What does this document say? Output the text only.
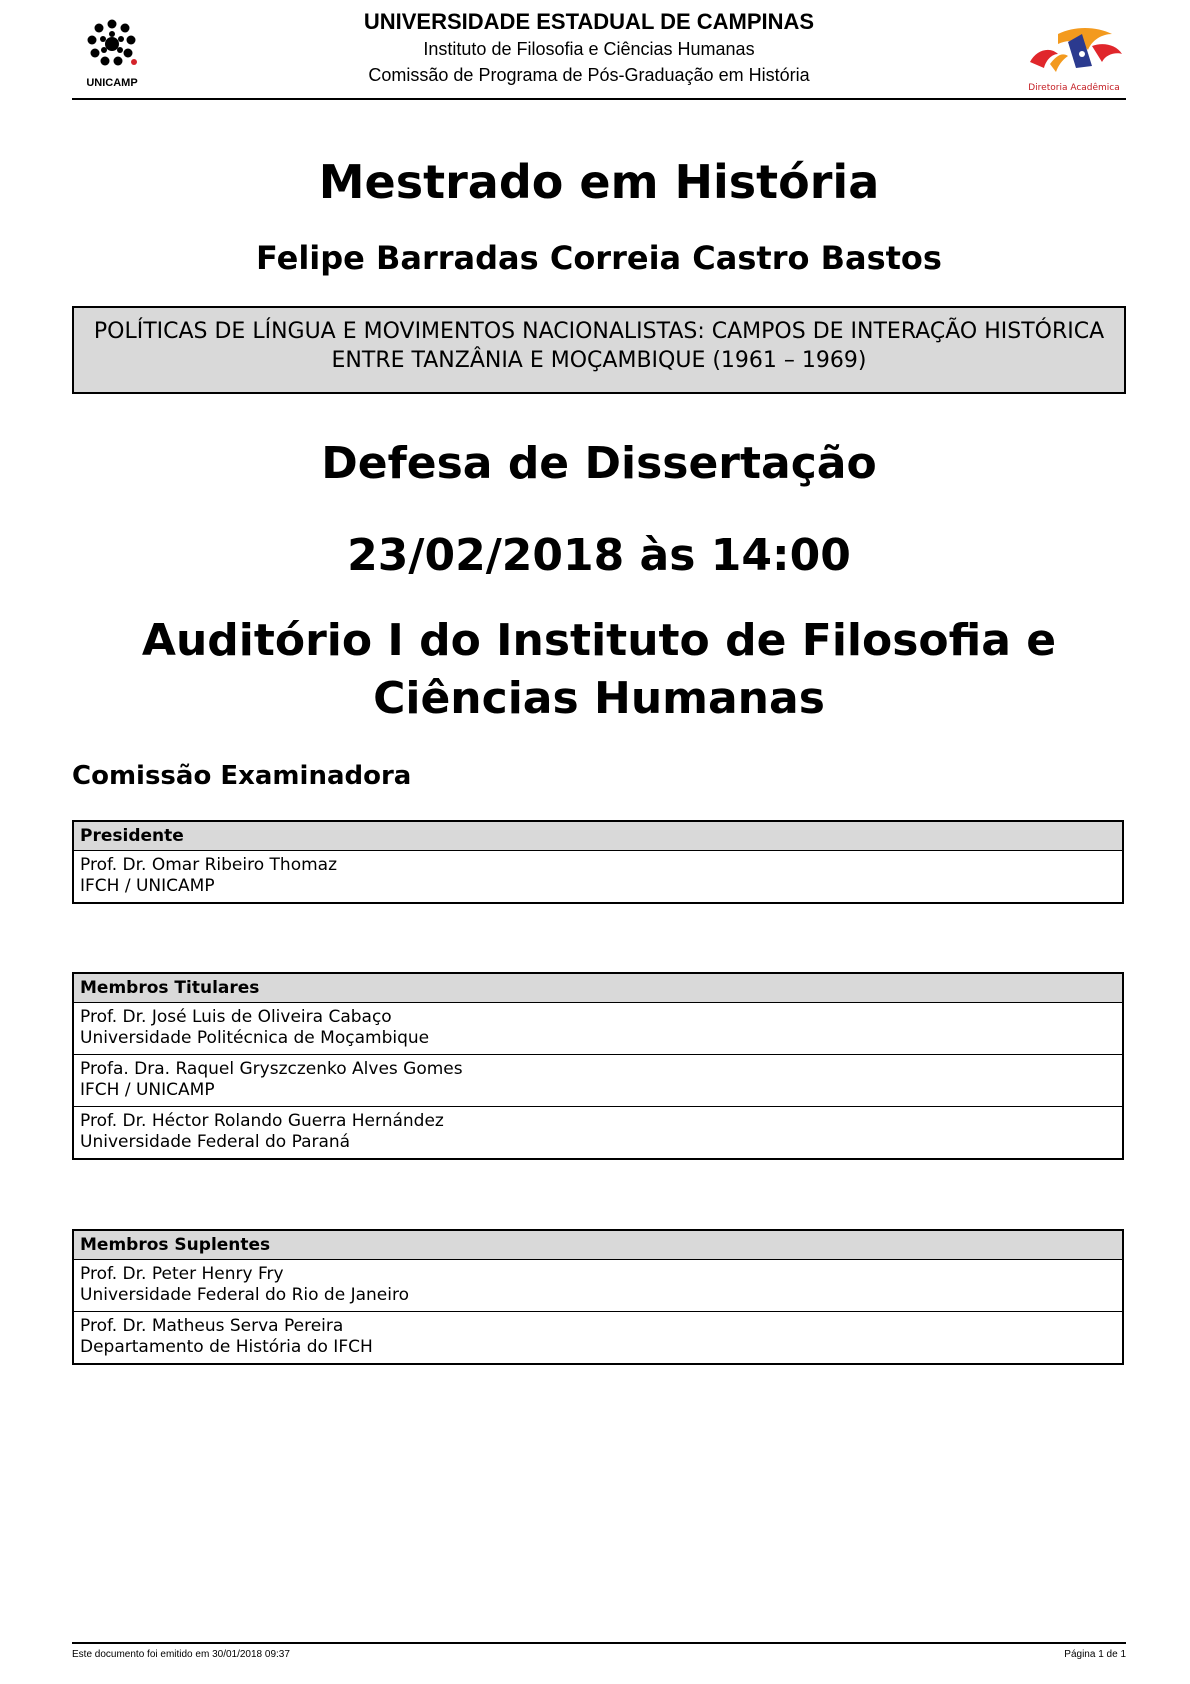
UNICAMP
UNIVERSIDADE ESTADUAL DE CAMPINAS
Instituto de Filosofia e Ciências Humanas
Comissão de Programa de Pós-Graduação em História
Diretoria Acadêmica
Mestrado em História
Felipe Barradas Correia Castro Bastos
POLÍTICAS DE LÍNGUA E MOVIMENTOS NACIONALISTAS: CAMPOS DE INTERAÇÃO HISTÓRICA
ENTRE TANZÂNIA E MOÇAMBIQUE (1961 – 1969)
Defesa de Dissertação
23/02/2018 às 14:00
Auditório I do Instituto de Filosofia e
Ciências Humanas
Comissão Examinadora
Presidente
Prof. Dr. Omar Ribeiro Thomaz
IFCH / UNICAMP
Membros Titulares
Prof. Dr. José Luis de Oliveira Cabaço
Universidade Politécnica de Moçambique
Profa. Dra. Raquel Gryszczenko Alves Gomes
IFCH / UNICAMP
Prof. Dr. Héctor Rolando Guerra Hernández
Universidade Federal do Paraná
Membros Suplentes
Prof. Dr. Peter Henry Fry
Universidade Federal do Rio de Janeiro
Prof. Dr. Matheus Serva Pereira
Departamento de História do IFCH
Este documento foi emitido em 30/01/2018 09:37	Página 1 de 1
